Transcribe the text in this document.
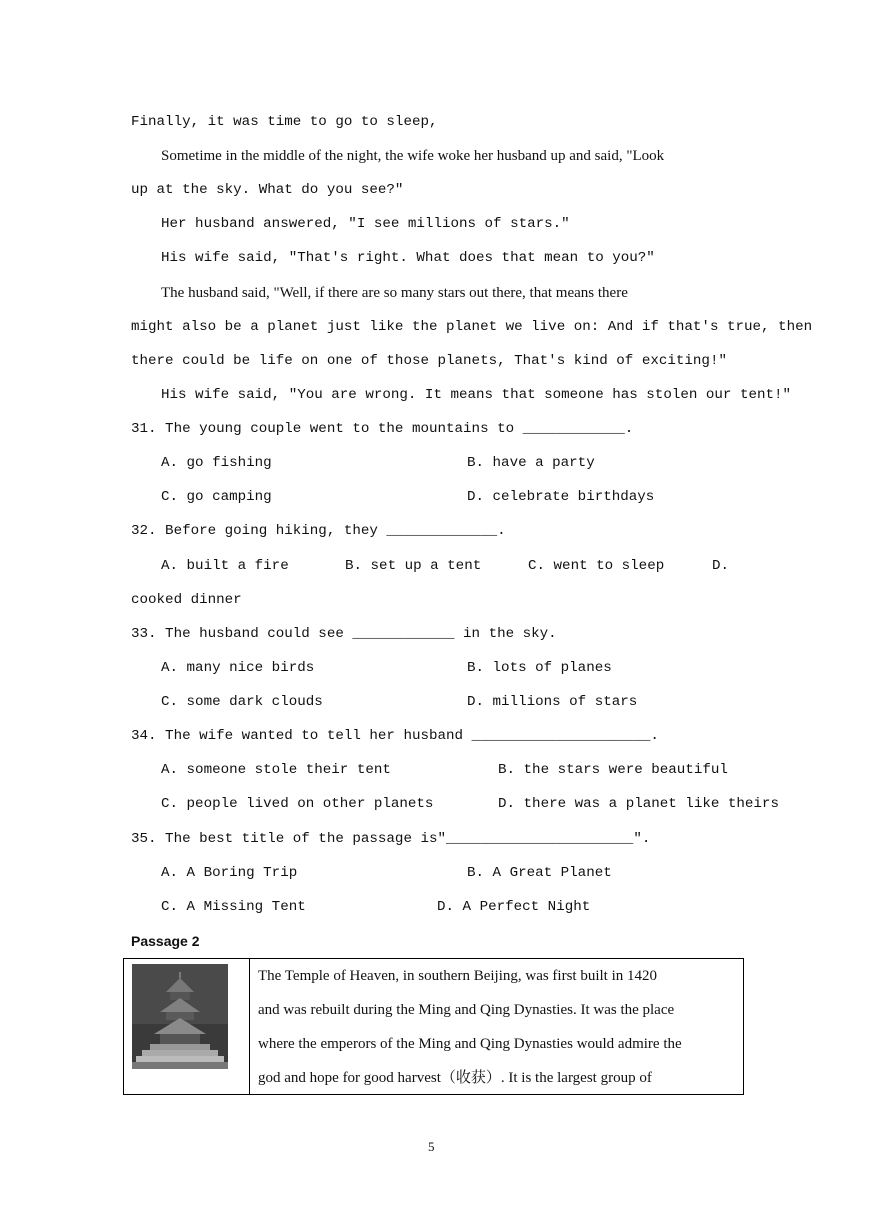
Finally, it was time to go to sleep,
Sometime in the middle of the night, the wife woke her husband up and said, "Look
up at the sky. What do you see?"
Her husband answered, "I see millions of stars."
His wife said, "That's right. What does that mean to you?"
The husband said, "Well, if there are so many stars out there, that means there
might also be a planet just like the planet we live on: And if that's true, then
there could be life on one of those planets, That's kind of exciting!"
His wife said, "You are wrong. It means that someone has stolen our tent!"
31. The young couple went to the mountains to ____________.
A. go fishing	B. have a party
C. go camping	D. celebrate birthdays
32. Before going hiking, they _____________.
A. built a fire	B. set up a tent	C. went to sleep	D.
cooked dinner
33. The husband could see ____________ in the sky.
A. many nice birds	B. lots of planes
C. some dark clouds	D. millions of stars
34. The wife wanted to tell her husband _____________________.
A. someone stole their tent	B. the stars were beautiful
C. people lived on other planets	D. there was a planet like theirs
35. The best title of the passage is"______________________".
A. A Boring Trip	B. A Great Planet
C. A Missing Tent	D. A Perfect Night
Passage 2
The Temple of Heaven, in southern Beijing, was first built in 1420
and was rebuilt during the Ming and Qing Dynasties. It was the place
where the emperors of the Ming and Qing Dynasties would admire the
god and hope for good harvest（收获）. It is the largest group of
5
